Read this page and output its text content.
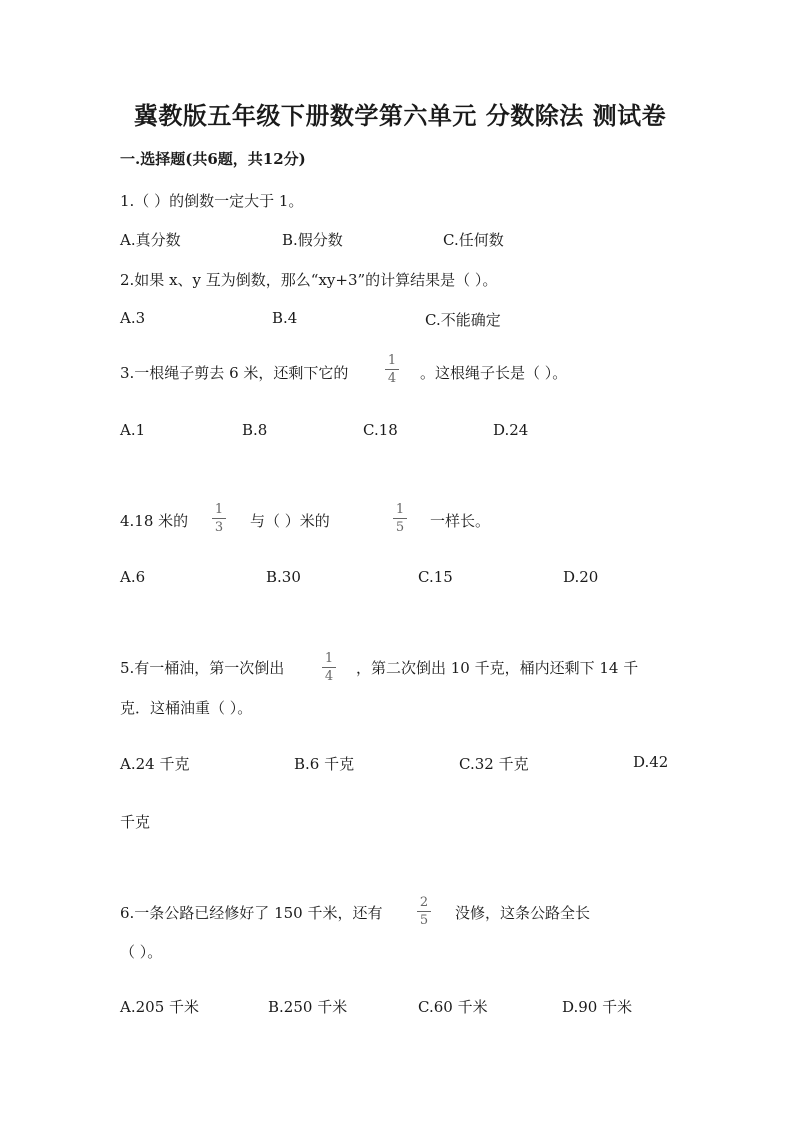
冀教版五年级下册数学第六单元 分数除法 测试卷
一.选择题(共6题，共12分)
1.（ ）的倒数一定大于 1。
A.真分数	B.假分数	C.任何数
2.如果 x、y 互为倒数，那么“xy+3”的计算结果是（ ）。
A.3	B.4	C.不能确定
3.一根绳子剪去 6 米，还剩下它的
1
4	。这根绳子长是（ ）。
A.1	B.8	C.18	D.24
4.18 米的
1
3	与（ ）米的
1
5	一样长。
A.6	B.30	C.15	D.20
5.有一桶油，第一次倒出
1
4	，第二次倒出 10 千克，桶内还剩下 14 千
克．这桶油重（ ）。
A.24 千克	B.6 千克	C.32 千克	D.42
千克
6.一条公路已经修好了 150 千米，还有
2
5	没修，这条公路全长
（ ）。
A.205 千米	B.250 千米	C.60 千米	D.90 千米
